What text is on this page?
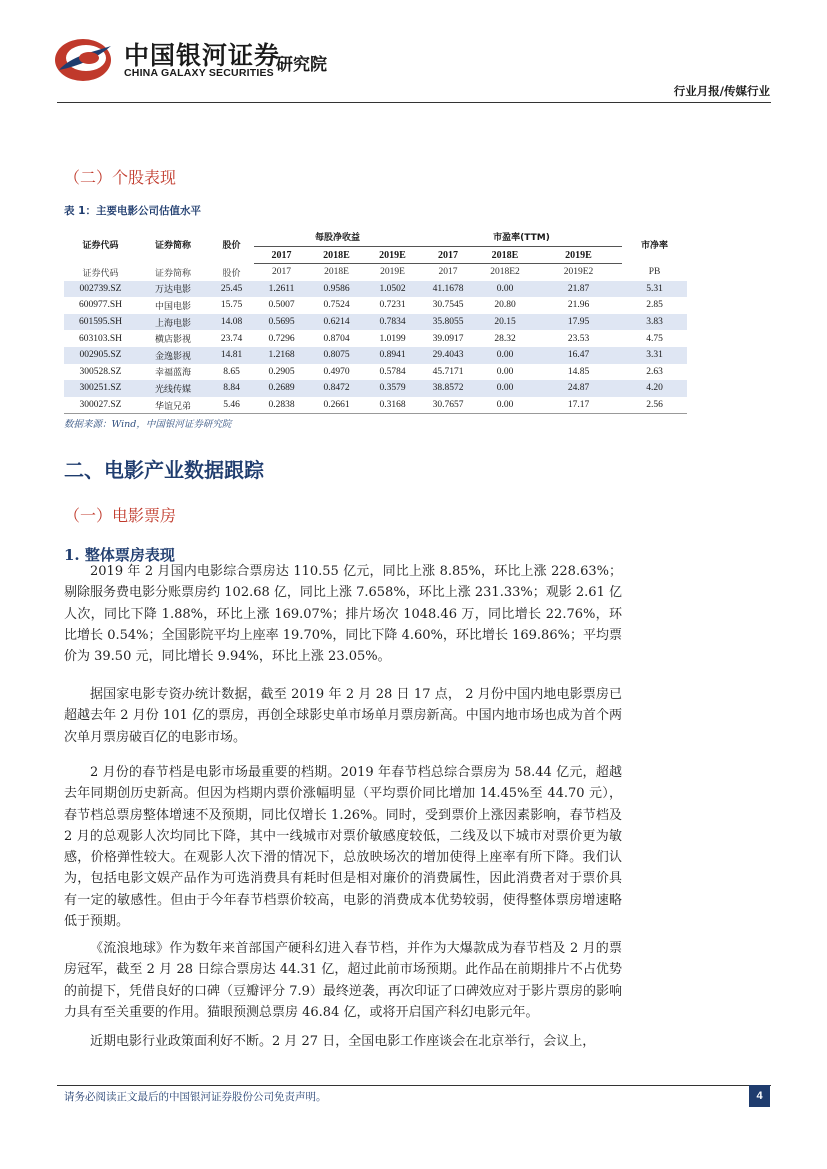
中国银河证券
CHINA GALAXY SECURITIES 研究院
行业月报/传媒行业
（二）个股表现
表 1：主要电影公司估值水平
证券代码	证券简称	股价	每股净收益			市盈率(TTM)			市净率
			2017	2018E	2019E	2017	2018E	2019E	
证券代码	证券简称	股价	2017	2018E	2019E	2017	2018E2	2019E2	PB
002739.SZ	万达电影	25.45	1.2611	0.9586	1.0502	41.1678	0.00	21.87	5.31
600977.SH	中国电影	15.75	0.5007	0.7524	0.7231	30.7545	20.80	21.96	2.85
601595.SH	上海电影	14.08	0.5695	0.6214	0.7834	35.8055	20.15	17.95	3.83
603103.SH	横店影视	23.74	0.7296	0.8704	1.0199	39.0917	28.32	23.53	4.75
002905.SZ	金逸影视	14.81	1.2168	0.8075	0.8941	29.4043	0.00	16.47	3.31
300528.SZ	幸福蓝海	8.65	0.2905	0.4970	0.5784	45.7171	0.00	14.85	2.63
300251.SZ	光线传媒	8.84	0.2689	0.8472	0.3579	38.8572	0.00	24.87	4.20
300027.SZ	华谊兄弟	5.46	0.2838	0.2661	0.3168	30.7657	0.00	17.17	2.56
数据来源：Wind，中国银河证券研究院
二、电影产业数据跟踪
（一）电影票房
1. 整体票房表现

2019 年 2 月国内电影综合票房达 110.55 亿元，同比上涨 8.85%，环比上涨 228.63%；剔除服务费电影分账票房约 102.68 亿，同比上涨 7.658%，环比上涨 231.33%；观影 2.61 亿人次，同比下降 1.88%，环比上涨 169.07%；排片场次 1048.46 万，同比增长 22.76%，环比增长 0.54%；全国影院平均上座率 19.70%，同比下降 4.60%，环比增长 169.86%；平均票价为 39.50 元，同比增长 9.94%，环比上涨 23.05%。

据国家电影专资办统计数据，截至 2019 年 2 月 28 日 17 点， 2 月份中国内地电影票房已超越去年 2 月份 101 亿的票房，再创全球影史单市场单月票房新高。中国内地市场也成为首个两次单月票房破百亿的电影市场。

2 月份的春节档是电影市场最重要的档期。2019 年春节档总综合票房为 58.44 亿元，超越去年同期创历史新高。但因为档期内票价涨幅明显（平均票价同比增加 14.45%至 44.70 元），春节档总票房整体增速不及预期，同比仅增长 1.26%。同时，受到票价上涨因素影响，春节档及 2 月的总观影人次均同比下降，其中一线城市对票价敏感度较低，二线及以下城市对票价更为敏感，价格弹性较大。在观影人次下滑的情况下，总放映场次的增加使得上座率有所下降。我们认为，包括电影文娱产品作为可选消费具有耗时但是相对廉价的消费属性，因此消费者对于票价具有一定的敏感性。但由于今年春节档票价较高，电影的消费成本优势较弱，使得整体票房增速略低于预期。

《流浪地球》作为数年来首部国产硬科幻进入春节档，并作为大爆款成为春节档及 2 月的票房冠军，截至 2 月 28 日综合票房达 44.31 亿，超过此前市场预期。此作品在前期排片不占优势的前提下，凭借良好的口碑（豆瓣评分 7.9）最终逆袭，再次印证了口碑效应对于影片票房的影响力具有至关重要的作用。猫眼预测总票房 46.84 亿，或将开启国产科幻电影元年。

近期电影行业政策面利好不断。2 月 27 日，全国电影工作座谈会在北京举行，会议上，

请务必阅读正文最后的中国银河证券股份公司免责声明。	4
